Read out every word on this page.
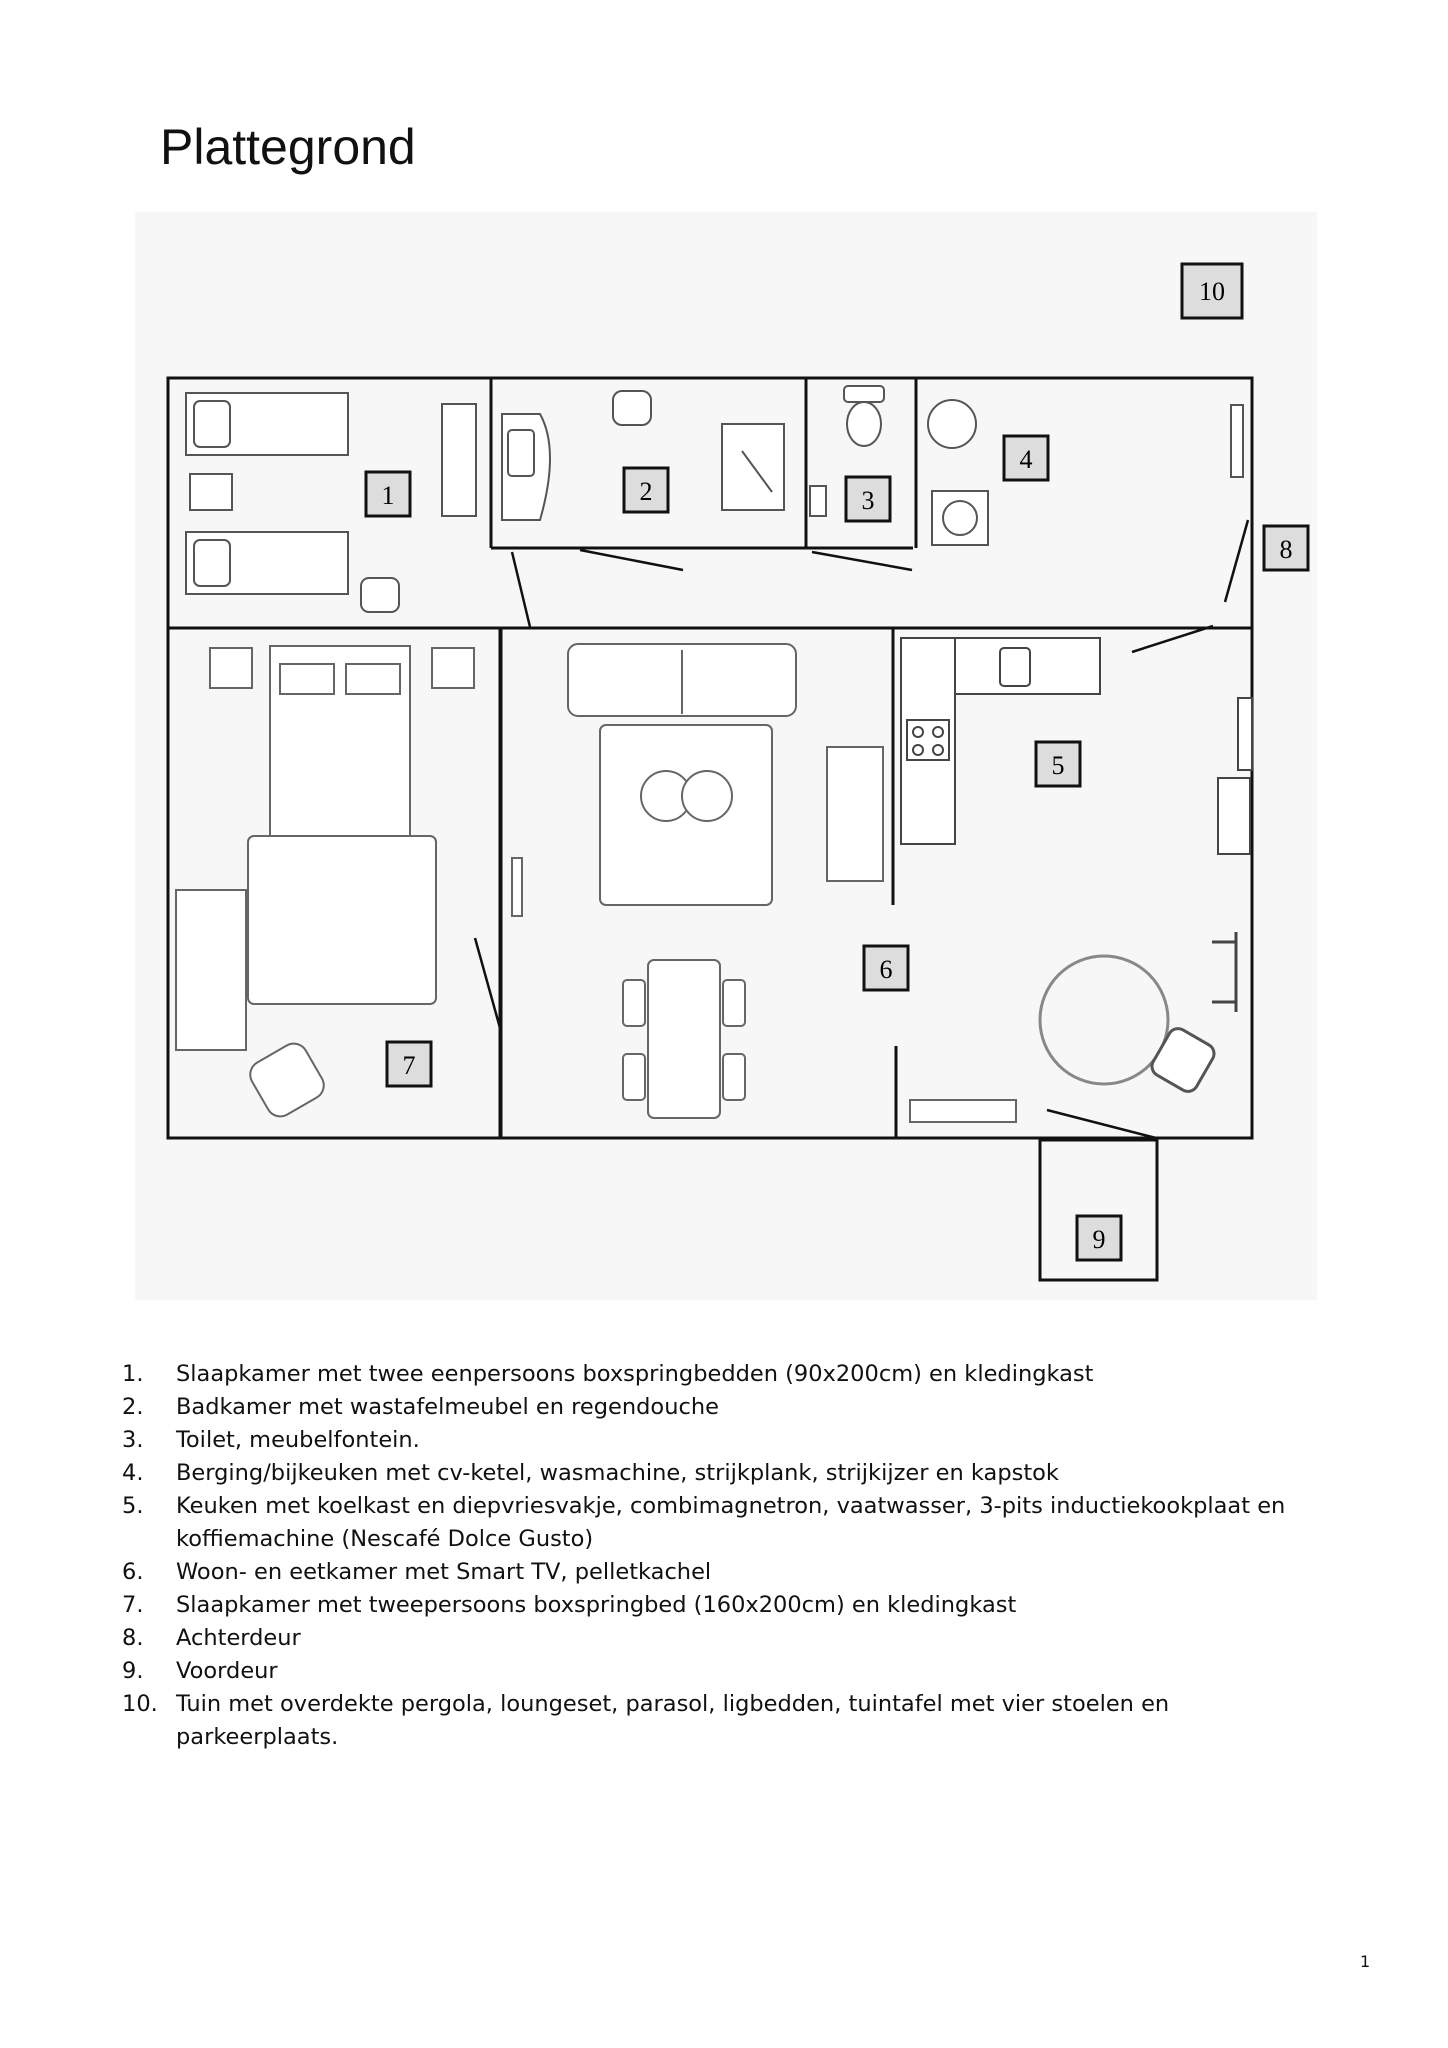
Plattegrond
1	2	3
4
5
6
7
8
9
10
1.	Slaapkamer met twee eenpersoons boxspringbedden (90x200cm) en kledingkast
2.	Badkamer met wastafelmeubel en regendouche
3.	Toilet, meubelfontein.
4.	Berging/bijkeuken met cv-ketel, wasmachine, strijkplank, strijkijzer en kapstok
5.	Keuken met koelkast en diepvriesvakje, combimagnetron, vaatwasser, 3-pits inductiekookplaat en koffiemachine (Nescafé Dolce Gusto)
6.	Woon- en eetkamer met Smart TV, pelletkachel
7.	Slaapkamer met tweepersoons boxspringbed (160x200cm) en kledingkast
8.	Achterdeur
9.	Voordeur
10. Tuin met overdekte pergola, loungeset, parasol, ligbedden, tuintafel met vier stoelen en parkeerplaats.
1
